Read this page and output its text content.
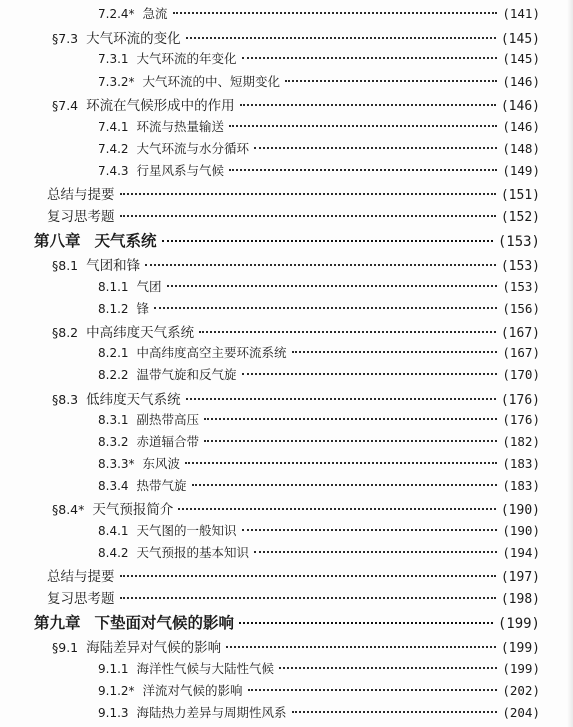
7.2.4* 急流	(141)
§7.3 大气环流的变化	(145)
7.3.1 大气环流的年变化	(145)
7.3.2* 大气环流的中、短期变化	(146)
§7.4 环流在气候形成中的作用	(146)
7.4.1 环流与热量输送	(146)
7.4.2 大气环流与水分循环	(148)
7.4.3 行星风系与气候	(149)
总结与提要	(151)
复习思考题	(152)
第八章 天气系统	(153)
§8.1 气团和锋	(153)
8.1.1 气团	(153)
8.1.2 锋	(156)
§8.2 中高纬度天气系统	(167)
8.2.1 中高纬度高空主要环流系统	(167)
8.2.2 温带气旋和反气旋	(170)
§8.3 低纬度天气系统	(176)
8.3.1 副热带高压	(176)
8.3.2 赤道辐合带	(182)
8.3.3* 东风波	(183)
8.3.4 热带气旋	(183)
§8.4* 天气预报简介	(190)
8.4.1 天气图的一般知识	(190)
8.4.2 天气预报的基本知识	(194)
总结与提要	(197)
复习思考题	(198)
第九章 下垫面对气候的影响	(199)
§9.1 海陆差异对气候的影响	(199)
9.1.1 海洋性气候与大陆性气候	(199)
9.1.2* 洋流对气候的影响	(202)
9.1.3 海陆热力差异与周期性风系	(204)
